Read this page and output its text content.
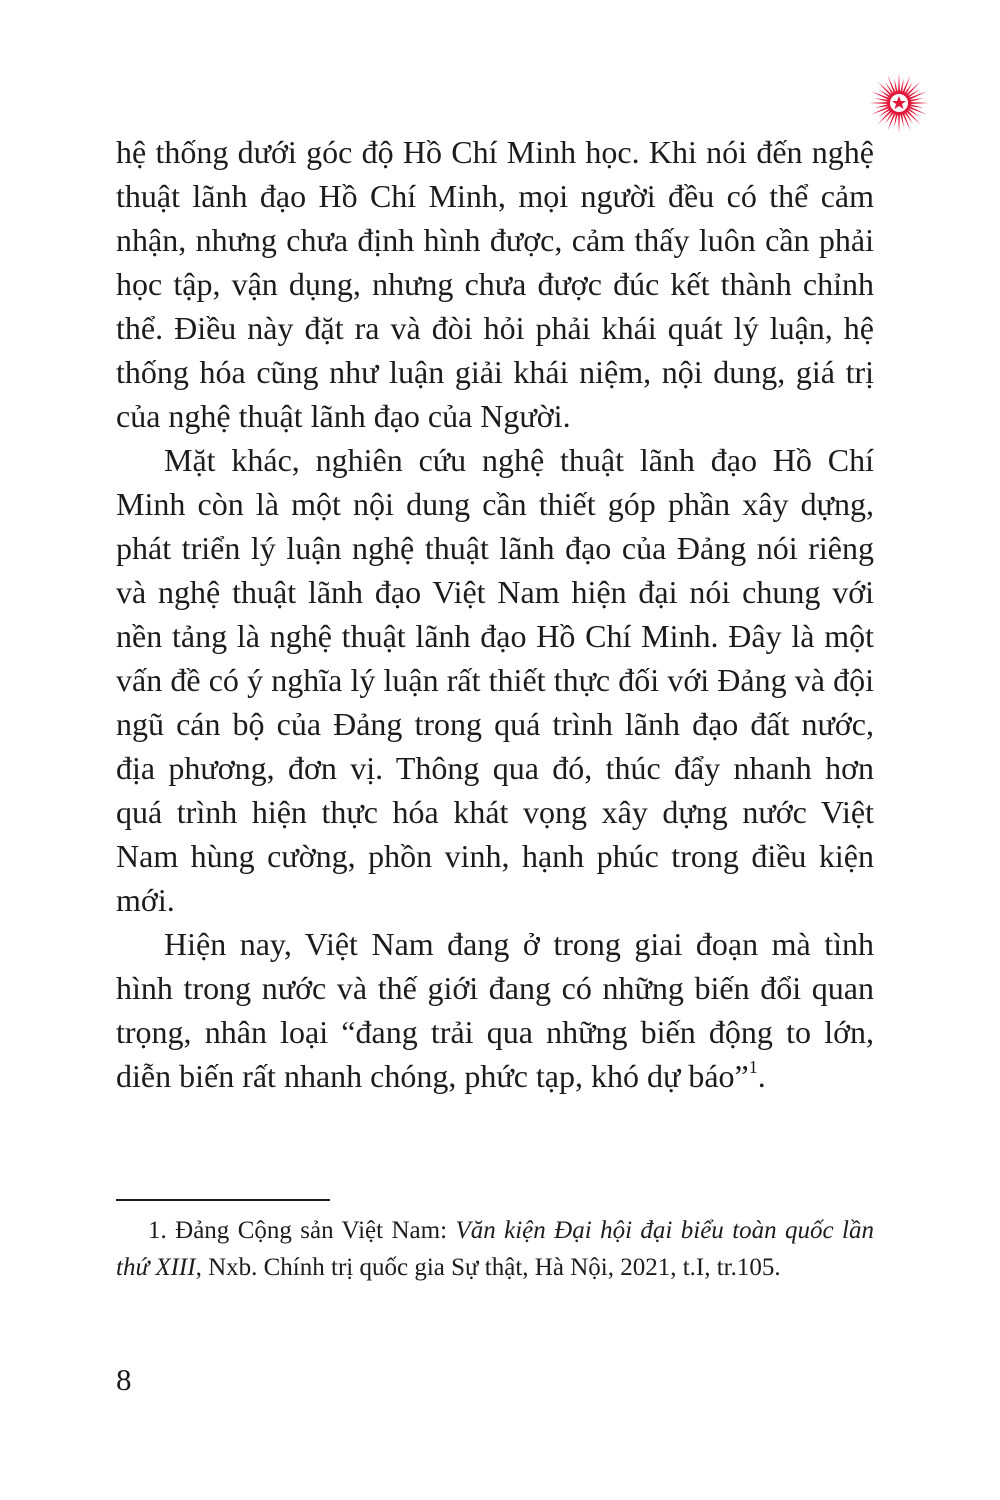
hệ thống dưới góc độ Hồ Chí Minh học. Khi nói đến nghệ thuật lãnh đạo Hồ Chí Minh, mọi người đều có thể cảm nhận, nhưng chưa định hình được, cảm thấy luôn cần phải học tập, vận dụng, nhưng chưa được đúc kết thành chỉnh thể. Điều này đặt ra và đòi hỏi phải khái quát lý luận, hệ thống hóa cũng như luận giải khái niệm, nội dung, giá trị của nghệ thuật lãnh đạo của Người.

Mặt khác, nghiên cứu nghệ thuật lãnh đạo Hồ Chí Minh còn là một nội dung cần thiết góp phần xây dựng, phát triển lý luận nghệ thuật lãnh đạo của Đảng nói riêng và nghệ thuật lãnh đạo Việt Nam hiện đại nói chung với nền tảng là nghệ thuật lãnh đạo Hồ Chí Minh. Đây là một vấn đề có ý nghĩa lý luận rất thiết thực đối với Đảng và đội ngũ cán bộ của Đảng trong quá trình lãnh đạo đất nước, địa phương, đơn vị. Thông qua đó, thúc đẩy nhanh hơn quá trình hiện thực hóa khát vọng xây dựng nước Việt Nam hùng cường, phồn vinh, hạnh phúc trong điều kiện mới.

Hiện nay, Việt Nam đang ở trong giai đoạn mà tình hình trong nước và thế giới đang có những biến đổi quan trọng, nhân loại “đang trải qua những biến động to lớn, diễn biến rất nhanh chóng, phức tạp, khó dự báo”$^1$.

1. Đảng Cộng sản Việt Nam: Văn kiện Đại hội đại biểu toàn quốc lần thứ XIII, Nxb. Chính trị quốc gia Sự thật, Hà Nội, 2021, t.I, tr.105.
8
